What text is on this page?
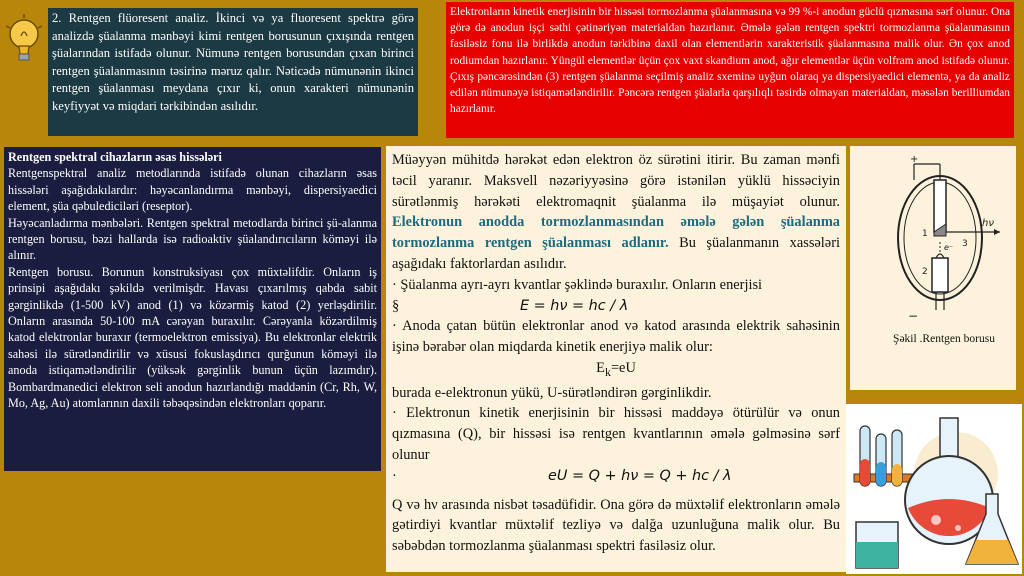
2. Rentgen flüoresent analiz. İkinci və ya fluoresent spektrə görə analizdə şüalanma mənbəyi kimi rentgen borusunun çıxışında rentgen şüalarından istifadə olunur. Nümunə rentgen borusundan çıxan birinci rentgen şüalanmasının təsirinə məruz qalır. Nəticədə nümunənin ikinci rentgen şüalanması meydana çıxır ki, onun xarakteri nümunənin keyfiyyət və miqdari tərkibindən asılıdır.
Elektronların kinetik enerjisinin bir hissəsi tormozlanma şüalanmasına və 99 %-i anodun güclü qızmasına sərf olunur. Ona görə də anodun işçi səthi çətinəriyən materialdan hazırlanır. Əmələ gələn rentgen spektri tormozlanma şüalanmasının fasiləsiz fonu ilə birlikdə anodun tərkibinə daxil olan elementlərin xarakteristik şüalanmasına malik olur. Ən çox anod rodiumdan hazırlanır. Yüngül elementlər üçün çox vaxt skandium anod, ağır elementlər üçün volfram anod istifadə olunur. Çıxış pəncərəsindən (3) rentgen şüalanma seçilmiş analiz sxeminə uyğun olaraq ya dispersiyaedici elementə, ya da analiz edilən nümunəyə istiqamətləndirilir. Pəncərə rentgen şüalarla qarşılıqlı təsirdə olmayan materialdan, məsələn berilliumdan hazırlanır.
Rentgen spektral cihazların əsas hissələri
Rentgenspektral analiz metodlarında istifadə olunan cihazların əsas hissələri aşağıdakılardır: həyəcanlandırma mənbəyi, dispersiyaedici element, şüa qəbulediciləri (reseptor).
Həyəcanladırma mənbələri. Rentgen spektral metodlarda birinci şü-alanma rentgen borusu, bəzi hallarda isə radioaktiv şüalandırıcıların köməyi ilə alınır.
Rentgen borusu. Borunun konstruksiyası çox müxtəlifdir. Onların iş prinsipi aşağıdakı şəkildə verilmişdr. Havası çıxarılmış qabda sabit gərginlikdə (1-500 kV) anod (1) və közərmiş katod (2) yerləşdirilir. Onların arasında 50-100 mA cərəyan buraxılır. Cərəyanla közərdilmiş katod elektronlar buraxır (termoelektron emissiya). Bu elektronlar elektrik sahəsi ilə sürətləndirilir və xüsusi fokuslaşdırıcı qurğunun köməyi ilə anoda istiqamətləndirilir (yüksək gərginlik bunun üçün lazımdır). Bombardmanedici elektron seli anodun hazırlandığı maddənin (Cr, Rh, W, Mo, Ag, Au) atomlarının daxili təbəqəsindən elektronları qoparır.

Müəyyən mühitdə hərəkət edən elektron öz sürətini itirir. Bu zaman mənfi təcil yaranır. Maksvell nəzəriyyəsinə görə istənilən yüklü hissəciyin sürətlənmiş hərəkəti elektromaqnit şüalanma ilə müşayiət olunur. Elektronun anodda tormozlanmasından əmələ gələn şüalanma tormozlanma rentgen şüalanması adlanır. Bu şüalanmanın xassələri aşağıdakı faktorlardan asılıdır.

· Şüalanma ayrı-ayrı kvantlar şəklində buraxılır. Onların enerjisi

§	E = hν = hc / λ

· Anoda çatan bütün elektronlar anod və katod arasında elektrik sahəsinin işinə bərabər olan miqdarda kinetik enerjiyə malik olur:

$E_k=eU$

burada e-elektronun yükü, U-sürətləndirən gərginlikdir.

· Elektronun kinetik enerjisinin bir hissəsi maddəyə ötürülür və onun qızmasına (Q), bir hissəsi isə rentgen kvantlarının əmələ gəlməsinə sərf olunur

·	eU = Q + hν = Q + hc / λ

Q və hν arasında nisbət təsadüfidir. Ona görə də müxtəlif elektronların əmələ gətirdiyi kvantlar müxtəlif tezliyə və dalğa uzunluğuna malik olur. Bu səbəbdən tormozlanma şüalanması spektri fasiləsiz olur.

+
−
hν
1
2
3
e⁻
Şəkil .Rentgen borusu
